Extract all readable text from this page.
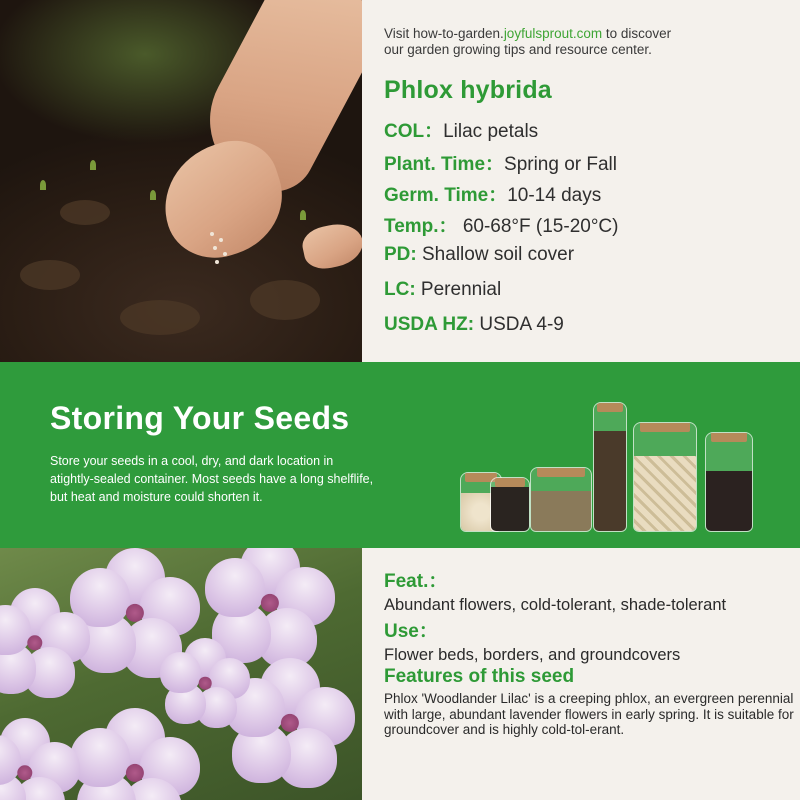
Visit how-to-garden.joyfulsprout.com to discover
our garden growing tips and resource center.
Phlox hybrida
COL：Lilac petals
Plant. Time：Spring or Fall
Germ. Time：10-14 days
Temp.： 60-68°F (15-20°C)
PD: Shallow soil cover
LC: Perennial
USDA HZ: USDA 4-9
Storing Your Seeds
Store your seeds in a cool, dry, and dark location in atightly-sealed container. Most seeds have a long shelflife, but heat and moisture could shorten it.
Feat.：
Abundant flowers, cold-tolerant, shade-tolerant
Use：
Flower beds, borders, and groundcovers
Features of this seed
Phlox 'Woodlander Lilac' is a creeping phlox, an evergreen perennial with large, abundant lavender flowers in early spring. It is suitable for groundcover and is highly cold-tol-erant.
